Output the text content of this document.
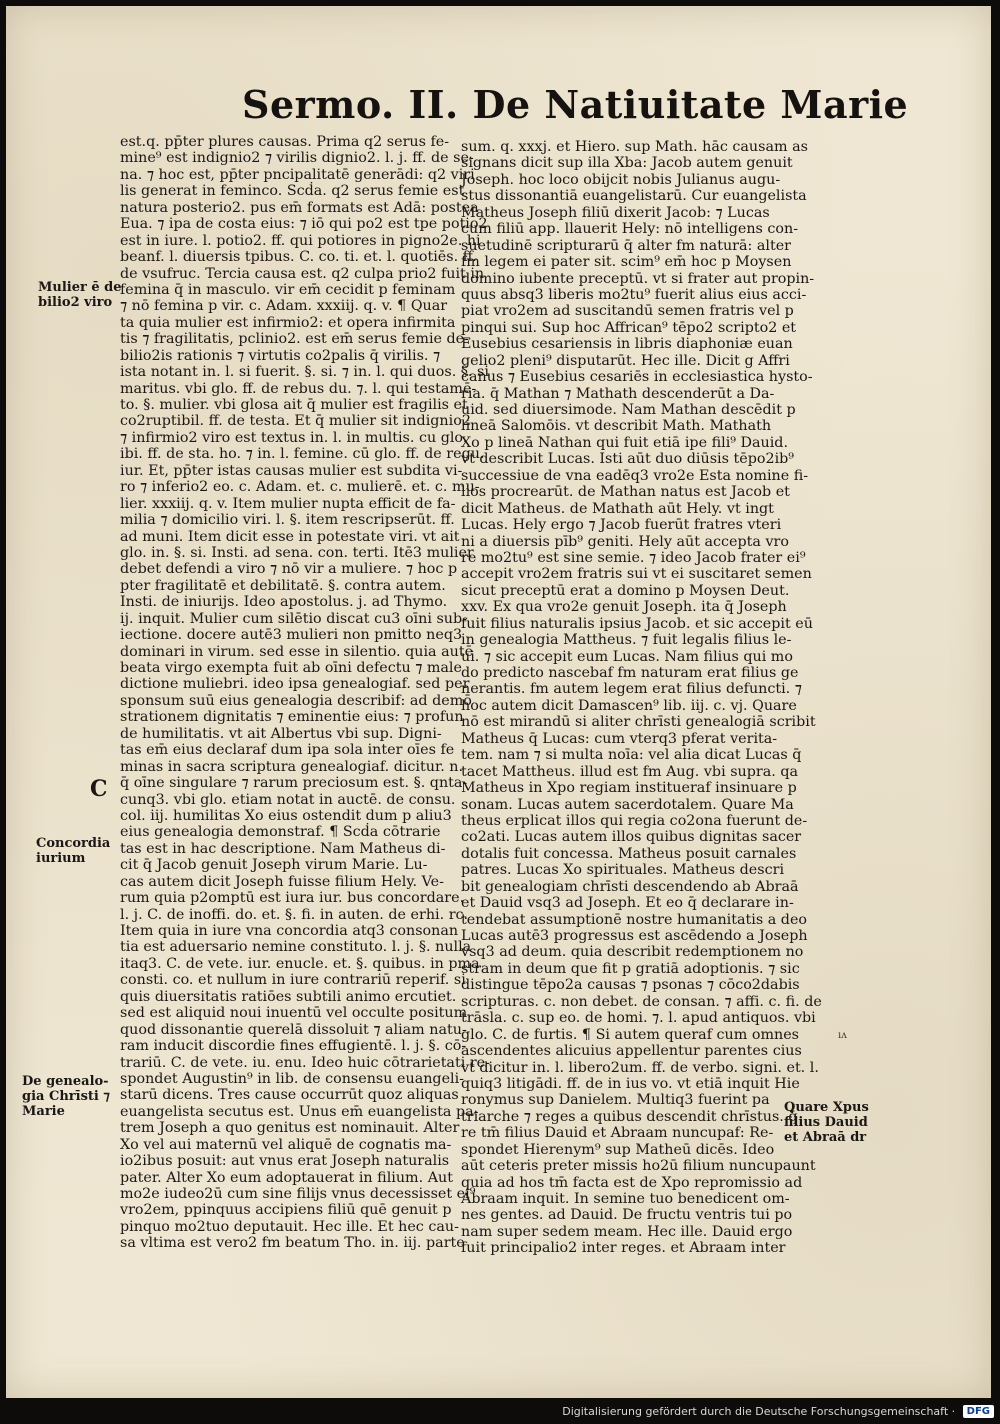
Sermo. II. De Natiuitate Marie
est.q. pp̄ter plures causas. Prima q2 serus fe-
mine⁹ est indignio2 ⁊ virilis dignio2. l. j. ff. de se-
na. ⁊ hoc est, pp̄ter pncipalitatē generādi: q2 viri
lis generat in feminco. Scḋa. q2 serus femie est
natura posterio2. pus em̄ formats est Adā: postea
Eua. ⁊ ipa de costa eius: ⁊ iō qui po2 est tpe potio2
est in iure. l. potio2. ff. qui potiores in pigno2e. hi
beanf. l. diuersis tpibus. C. co. ti. et. l. quotiēs. ff.
de vsufruc. Tercia causa est. q2 culpa prio2 fuit in
femina q̄ in masculo. vir em̄ cecidit p feminam
⁊ nō femina p vir. c. Adam. xxxiij. q. v. ¶ Quar
ta quia mulier est infirmio2: et opera infirmita
tis ⁊ fragilitatis, pclinio2. est em̄ serus femie de-
bilio2is rationis ⁊ virtutis co2palis q̄ virilis. ⁊
ista notant in. l. si fuerit. §. si. ⁊ in. l. qui duos. §. si
maritus. vbi glo. ff. de rebus du. ⁊. l. qui testamē-
to. §. mulier. vbi glosa ait q̄ mulier est fragilis et
co2ruptibil. ff. de testa. Et q̄ mulier sit indignio2
⁊ infirmio2 viro est textus in. l. in multis. cu glo.
ibi. ff. de sta. ho. ⁊ in. l. femine. cū glo. ff. de regu.
iur. Et, pp̄ter istas causas mulier est subdita vi-
ro ⁊ inferio2 eo. c. Adam. et. c. mulierē. et. c. mu-
lier. xxxiij. q. v. Item mulier nupta efficit de fa-
milia ⁊ domicilio viri. l. §. item rescripserūt. ff.
ad muni. Item dicit esse in potestate viri. vt ait
glo. in. §. si. Insti. ad sena. con. terti. Itē3 mulier
debet defendi a viro ⁊ nō vir a muliere. ⁊ hoc p
pter fragilitatē et debilitatē. §. contra autem.
Insti. de iniurijs. Ideo apostolus. j. ad Thymo.
ij. inquit. Mulier cum silētio discat cu3 oīni sub-
iectione. docere autē3 mulieri non pmitto neq3
dominari in virum. sed esse in silentio. quia autē
beata virgo exempta fuit ab oīni defectu ⁊ male
dictione muliebri. ideo ipsa genealogiaf. sed per
sponsum suū eius genealogia describif: ad demō
strationem dignitatis ⁊ eminentie eius: ⁊ profun
de humilitatis. vt ait Albertus vbi sup. Digni-
tas em̄ eius declaraf dum ipa sola inter oīes fe
minas in sacra scriptura genealogiaf. dicitur. n.
q̄ oīne singulare ⁊ rarum preciosum est. §. qnta-
cunq3. vbi glo. etiam notat in auctē. de consu.
col. iij. humilitas Xo eius ostendit dum p aliu3
eius genealogia demonstraf. ¶ Scḋa cōtrarie
tas est in hac descriptione. Nam Matheus di-
cit q̄ Jacob genuit Joseph virum Marie. Lu-
cas autem dicit Joseph fuisse filium Hely. Ve-
rum quia p2omptū est iura iur. bus concordare.
l. j. C. de inoffi. do. et. §. fi. in auten. de erhi. rc.
Item quia in iure vna concordia atq3 consonan
tia est aduersario nemine constituto. l. j. §. nulla
itaq3. C. de vete. iur. enucle. et. §. quibus. in pma
consti. co. et nullum in iure contrariū reperif. si
quis diuersitatis ratiōes subtili animo ercutiet.
sed est aliquid noui inuentū vel occulte positum
quod dissonantie querelā dissoluit ⁊ aliam natu-
ram inducit discordie fines effugientē. l. j. §. cō-
trariū. C. de vete. iu. enu. Ideo huic cōtrarietati re-
spondet Augustin⁹ in lib. de consensu euangeli-
starū dicens. Tres cause occurrūt quoz aliquas
euangelista secutus est. Unus em̄ euangelista pa-
trem Joseph a quo genitus est nominauit. Alter
Xo vel aui maternū vel aliquē de cognatis ma-
io2ibus posuit: aut vnus erat Joseph naturalis
pater. Alter Xo eum adoptauerat in filium. Aut
mo2e iudeo2ū cum sine filijs vnus decessisset ei⁹
vro2em, ppinquus accipiens filiū quē genuit p
pinquo mo2tuo deputauit. Hec ille. Et hec cau-
sa vltima est vero2 fm beatum Tho. in. iij. parte
sum. q. xxxj. et Hiero. sup Math. hāc causam as
signans dicit sup illa Xba: Jacob autem genuit
Joseph. hoc loco obijcit nobis Julianus augu-
stus dissonantiā euangelistarū. Cur euangelista
Matheus Joseph filiū dixerit Jacob: ⁊ Lucas
cum filiū app. llauerit Hely: nō intelligens con-
suetudinē scripturarū q̄ alter fm naturā: alter
fm legem ei pater sit. scim⁹ em̄ hoc p Moysen
domino iubente preceptū. vt si frater aut propin-
quus absq3 liberis mo2tu⁹ fuerit alius eius acci-
piat vro2em ad suscitandū semen fratris vel p
pinqui sui. Sup hoc Affrican⁹ tēpo2 scripto2 et
Eusebius cesariensis in libris diaphoniæ euan
gelio2 pleni⁹ disputarūt. Hec ille. Dicit g Affri
canus ⁊ Eusebius cesariēs in ecclesiastica hysto-
ria. q̄ Mathan ⁊ Mathath descenderūt a Da-
uid. sed diuersimode. Nam Mathan descēdit p
lineā Salomōis. vt describit Math. Mathath
Xo p lineā Nathan qui fuit etiā ipe fili⁹ Dauid.
vt describit Lucas. Isti aūt duo diūsis tēpo2ib⁹
successiue de vna eadēq3 vro2e Esta nomine fi-
lios procrearūt. de Mathan natus est Jacob et
dicit Matheus. de Mathath aūt Hely. vt ingt
Lucas. Hely ergo ⁊ Jacob fuerūt fratres vteri
ni a diuersis pīb⁹ geniti. Hely aūt accepta vro
re mo2tu⁹ est sine semie. ⁊ ideo Jacob frater ei⁹
accepit vro2em fratris sui vt ei suscitaret semen
sicut preceptū erat a domino p Moysen Deut.
xxv. Ex qua vro2e genuit Joseph. ita q̄ Joseph
fuit filius naturalis ipsius Jacob. et sic accepit eū
in genealogia Mattheus. ⁊ fuit legalis filius le-
ui. ⁊ sic accepit eum Lucas. Nam filius qui mo
do predicto nascebaf fm naturam erat filius ge
nerantis. fm autem legem erat filius defuncti. ⁊
hoc autem dicit Damascen⁹ lib. iij. c. vj. Quare
nō est mirandū si aliter chrīsti genealogiā scribit
Matheus q̄ Lucas: cum vterq3 pferat verita-
tem. nam ⁊ si multa noīa: vel alia dicat Lucas q̄
tacet Mattheus. illud est fm Aug. vbi supra. qa
Matheus in Xpo regiam institueraf insinuare p
sonam. Lucas autem sacerdotalem. Quare Ma
theus erplicat illos qui regia co2ona fuerunt de-
co2ati. Lucas autem illos quibus dignitas sacer
dotalis fuit concessa. Matheus posuit carnales
patres. Lucas Xo spirituales. Matheus descri
bit genealogiam chrīsti descendendo ab Abraā
et Dauid vsq3 ad Joseph. Et eo q̄ declarare in-
tendebat assumptionē nostre humanitatis a deo
Lucas autē3 progressus est ascēdendo a Joseph
vsq3 ad deum. quia describit redemptionem no
stram in deum que fit p gratiā adoptionis. ⁊ sic
distingue tēpo2a causas ⁊ psonas ⁊ cōco2dabis
scripturas. c. non debet. de consan. ⁊ affi. c. fi. de
trāsla. c. sup eo. de homi. ⁊. l. apud antiquos. vbi
glo. C. de furtis. ¶ Si autem queraf cum omnes
ascendentes alicuius appellentur parentes cius
vt dicitur in. l. libero2um. ff. de verbo. signi. et. l.
quiq3 litigādi. ff. de in ius vo. vt etiā inquit Hie
ronymus sup Danielem. Multiq3 fuerint pa
triarche ⁊ reges a quibus descendit chrīstus. q̄
re tm̄ filius Dauid et Abraam nuncupaf: Re-
spondet Hierenym⁹ sup Matheū dicēs. Ideo
aūt ceteris preter missis ho2ū filium nuncupaunt
quia ad hos tm̄ facta est de Xpo repromissio ad
Abraam inquit. In semine tuo benedicent om-
nes gentes. ad Dauid. De fructu ventris tui po
nam super sedem meam. Hec ille. Dauid ergo
fuit principalio2 inter reges. et Abraam inter
Mulier ē de
bilio2 viro
C
Concordia
iurium
De genealo-
gia Chrīsti ⁊
Marie	Quare Xpus
filius Dauid
et Abraā dr
ıᴧ
Digitalisierung gefördert durch die Deutsche Forschungsgemeinschaft · DFG
